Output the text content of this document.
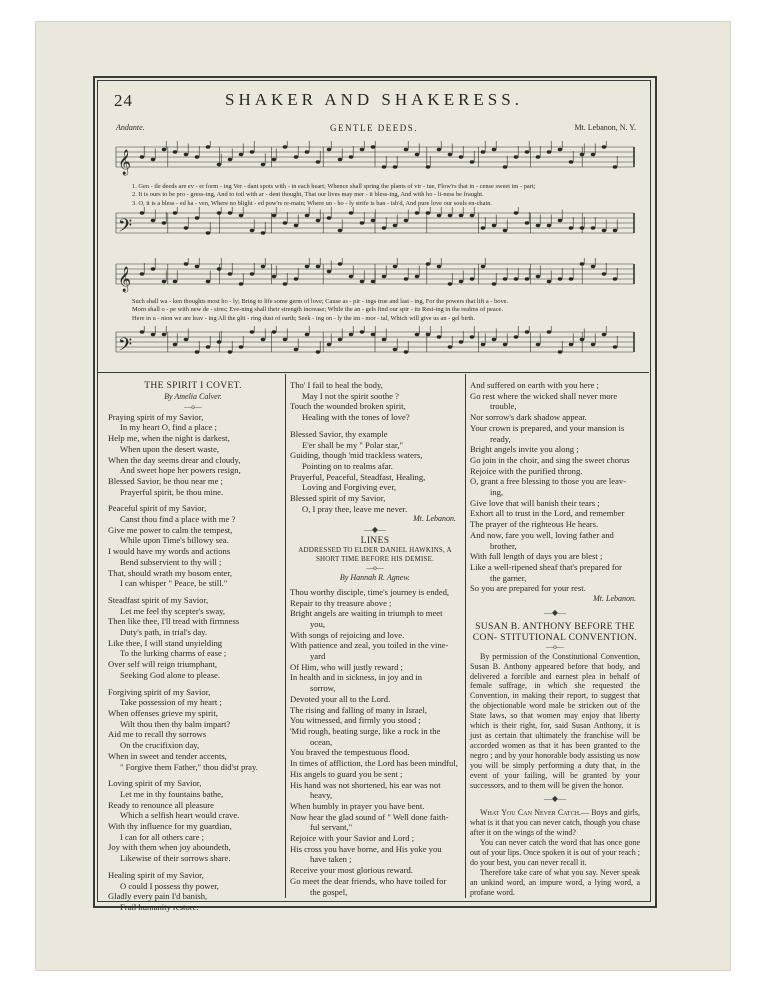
24	SHAKER AND SHAKERESS.
Andante.	GENTLE DEEDS.	Mt. Lebanon, N. Y.
𝄞
1. Gen - tle deeds are ev - er form - ing Ver - dant spots with - in each heart; Whence shall spring the plants of vir - tue, Flow'rs that in - cense sweet im - part;
2. It is ours to be pro - gress-ing, And to toil with ar - dent thought, That our lives may mer - it bless-ing, And with ho - li-ness be fraught.
3. O, it is a bless - ed ha - ven, Where no blight - ed pow'rs re-main; Where un - ho - ly strife is ban - ish'd, And pure love our souls en-chain.
𝄢
𝄞
Such shall wa - ken thoughts most ho - ly; Bring to life some germ of love; Cause as - pir - ings true and last - ing, For the powers that lift a - bove.
Morn shall o - pe with new de - sires; Eve-ning shall their strength increase; While the an - gels find our spir - its Rest-ing in the realms of peace.
Here in u - nion we are leav - ing All the glit - ring dust of earth; Seek - ing on - ly the im - mor - tal, Which will give us an - gel birth.
𝄢
THE SPIRIT I COVET.
By Amelia Calver.
—o—
Praying spirit of my Savior,
In my heart O, find a place ;
Help me, when the night is darkest,
When upon the desert waste,
When the day seems drear and cloudy,
And sweet hope her powers resign,
Blessed Savior, be thou near me ;
Prayerful spirit, be thou mine.
Peaceful spirit of my Savior,
Canst thou find a place with me ?
Give me power to calm the tempest,
While upon Time's billowy sea.
I would have my words and actions
Bend subservient to thy will ;
That, should wrath my bosom enter,
I can whisper " Peace, be still."
Steadfast spirit of my Savior,
Let me feel thy scepter's sway,
Then like thee, I'll tread with firmness
Duty's path, in trial's day.
Like thee, I will stand unyielding
To the lurking charms of ease ;
Over self will reign triumphant,
Seeking God alone to please.
Forgiving spirit of my Savior,
Take possession of my heart ;
When offenses grieve my spirit,
Wilt thou then thy balm impart?
Aid me to recall thy sorrows
On the crucifixion day,
When in sweet and tender accents,
" Forgive them Father," thou did'st pray.
Loving spirit of my Savior,
Let me in thy fountains bathe,
Ready to renounce all pleasure
Which a selfish heart would crave.
With thy influence for my guardian,
I can for all others care ;
Joy with them when joy aboundeth,
Likewise of their sorrows share.
Healing spirit of my Savior,
O could I possess thy power,
Gladly every pain I'd banish,
Frail humanity restore.
Tho' I fail to heal the body,
May I not the spirit soothe ?
Touch the wounded broken spirit,
Healing with the tones of love?
Blessed Savior, thy example
E'er shall be my " Polar star,"
Guiding, though 'mid trackless waters,
Pointing on to realms afar.
Prayerful, Peaceful, Steadfast, Healing,
Loving and Forgiving ever,
Blessed spirit of my Savior,
O, I pray thee, leave me never.
Mt. Lebanon.
—◆—
LINES
ADDRESSED TO ELDER DANIEL HAWKINS, A SHORT TIME BEFORE HIS DEMISE.
—o—
By Hannah R. Agnew.
Thou worthy disciple, time's journey is ended,
Repair to thy treasure above ;
Bright angels are waiting in triumph to meet
you,
With songs of rejoicing and love.
With patience and zeal, you toiled in the vine-
yard
Of Him, who will justly reward ;
In health and in sickness, in joy and in
sorrow,
Devoted your all to the Lord.
The rising and falling of many in Israel,
You witnessed, and firmly you stood ;
'Mid rough, beating surge, like a rock in the
ocean,
You braved the tempestuous flood.
In times of affliction, the Lord has been mindful,
His angels to guard you be sent ;
His hand was not shortened, his ear was not
heavy,
When humbly in prayer you have bent.
Now hear the glad sound of " Well done faith-
ful servant,"
Rejoice with your Savior and Lord ;
His cross you have borne, and His yoke you
have taken ;
Receive your most glorious reward.
Go meet the dear friends, who have toiled for
the gospel,
And suffered on earth with you here ;
Go rest where the wicked shall never more
trouble,
Nor sorrow's dark shadow appear.
Your crown is prepared, and your mansion is
ready,
Bright angels invite you along ;
Go join in the choir, and sing the sweet chorus
Rejoice with the purified throng.
O, grant a free blessing to those you are leav-
ing,
Give love that will banish their tears ;
Exhort all to trust in the Lord, and remember
The prayer of the righteous He hears.
And now, fare you well, loving father and
brother,
With full length of days you are blest ;
Like a well-ripened sheaf that's prepared for
the garner,
So you are prepared for your rest.
Mt. Lebanon.
—◆—
SUSAN B. ANTHONY BEFORE THE CON- STITUTIONAL CONVENTION.
—o—

By permission of the Constitutional Convention, Susan B. Anthony appeared before that body, and delivered a forcible and earnest plea in behalf of female suffrage, in which she requested the Convention, in making their report, to suggest that the objectionable word male be stricken out of the State laws, so that women may enjoy that liberty which is their right, for, said Susan Anthony, it is just as certain that ultimately the franchise will be accorded women as that it has been granted to the negro ; and by your honorable body assisting us now you will be simply performing a duty that, in the event of your failing, will be granted by your successors, and to them will be given the honor.

—◆—

What You Can Never Catch.— Boys and girls, what is it that you can never catch, though you chase after it on the wings of the wind?

You can never catch the word that has once gone out of your lips. Once spoken it is out of your reach ; do your best, you can never recall it.

Therefore take care of what you say. Never speak an unkind word, an impure word, a lying word, a profane word.
